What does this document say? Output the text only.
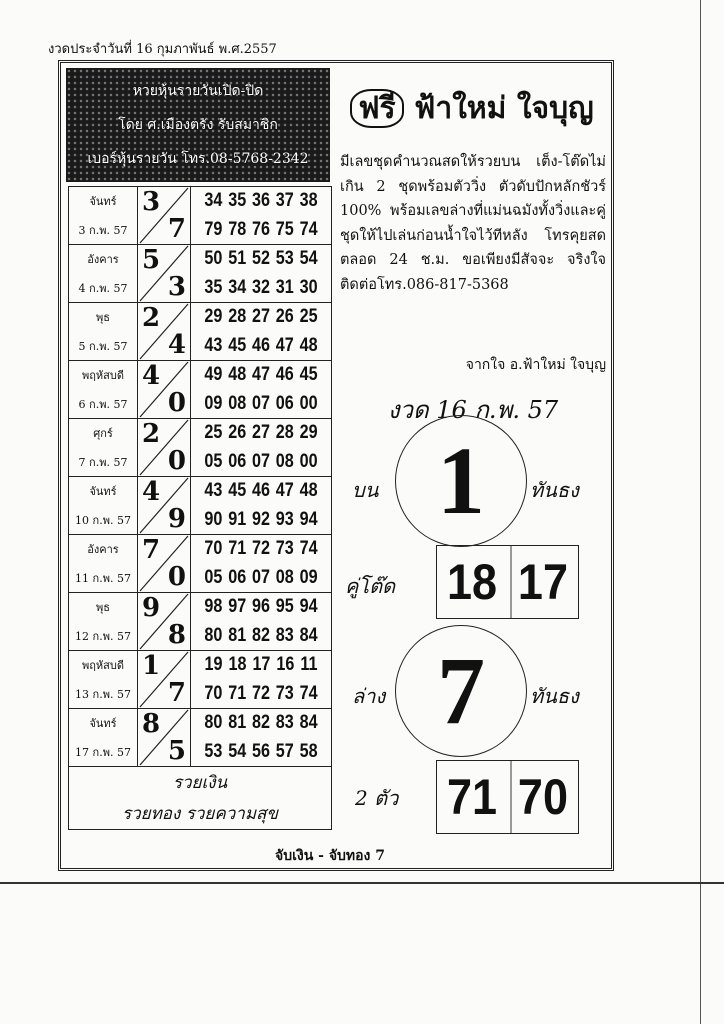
งวดประจำวันที่ 16 กุมภาพันธ์ พ.ศ.2557
หวยหุ้นรายวันเปิด-ปิด
โดย ศ.เมืองตรัง รับสมาชิก
เบอร์หุ้นรายวัน โทร.08-5768-2342
จันทร์
3 ก.พ. 57
3
7
34 35 36 37 38
79 78 76 75 74
อังคาร
4 ก.พ. 57
5
3
50 51 52 53 54
35 34 32 31 30
พุธ
5 ก.พ. 57
2
4
29 28 27 26 25
43 45 46 47 48
พฤหัสบดี
6 ก.พ. 57
4
0
49 48 47 46 45
09 08 07 06 00
ศุกร์
7 ก.พ. 57
2
0
25 26 27 28 29
05 06 07 08 00
จันทร์
10 ก.พ. 57
4
9
43 45 46 47 48
90 91 92 93 94
อังคาร
11 ก.พ. 57
7
0
70 71 72 73 74
05 06 07 08 09
พุธ
12 ก.พ. 57
9
8
98 97 96 95 94
80 81 82 83 84
พฤหัสบดี
13 ก.พ. 57
1
7
19 18 17 16 11
70 71 72 73 74
จันทร์
17 ก.พ. 57
8
5
80 81 82 83 84
53 54 56 57 58
รวยเงิน
รวยทอง รวยความสุข
ฟรี ฟ้าใหม่ ใจบุญ
มีเลขชุดคำนวณสดให้รวยบน เต็ง-โต๊ดไม่เกิน 2 ชุดพร้อมตัววิ่ง ตัวดับปักหลักชัวร์ 100% พร้อมเลขล่างที่แม่นฉมังทั้งวิ่งและคู่ชุดให้ไปเล่นก่อนน้ำใจไว้ทีหลัง โทรคุยสดตลอด 24 ช.ม. ขอเพียงมีสัจจะ จริงใจ ติดต่อโทร.086-817-5368
จากใจ อ.ฟ้าใหม่ ใจบุญ
งวด 16 ก.พ. 57
บน 1	ทันธง
คู่โต๊ด 18 17
ล่าง 7	ทันธง
2 ตัว 71 70
จับเงิน - จับทอง 7
